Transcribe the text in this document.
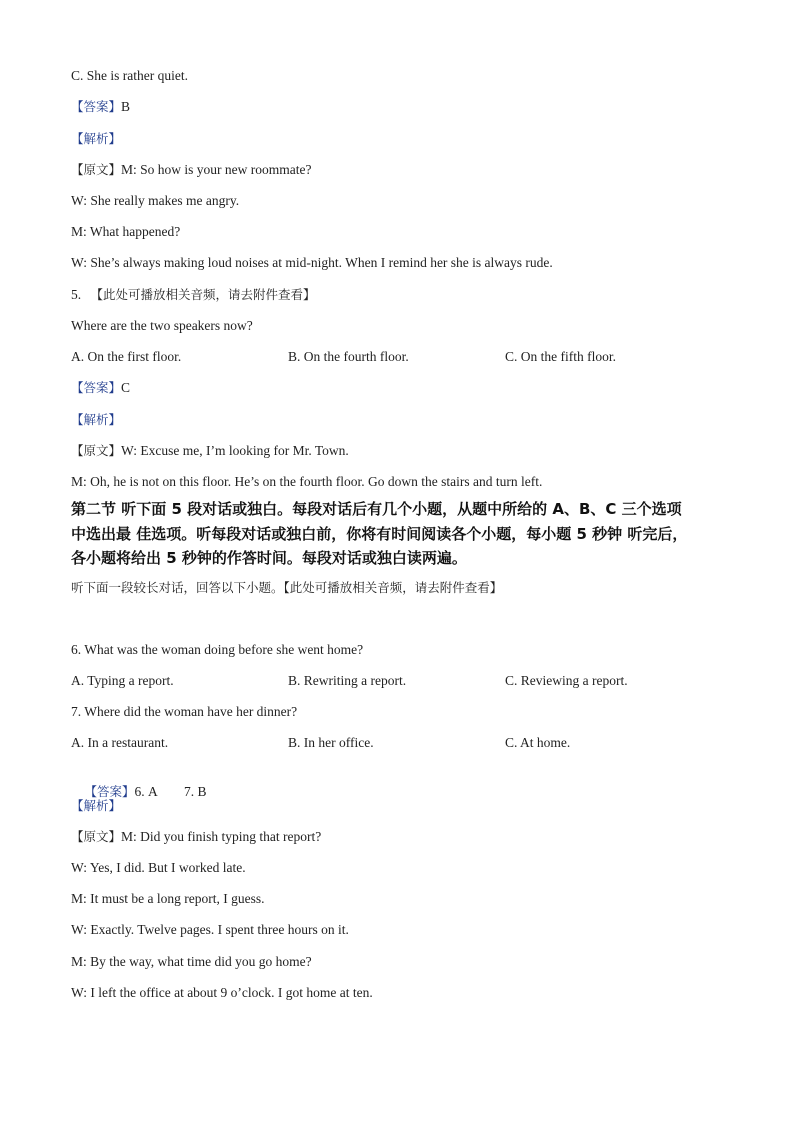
C. She is rather quiet.
【答案】B
【解析】
【原文】M: So how is your new roommate?
W: She really makes me angry.
M: What happened?
W: She’s always making loud noises at mid-night. When I remind her she is always rude.
5. 【此处可播放相关音频，请去附件查看】
Where are the two speakers now?
A. On the first floor.	B. On the fourth floor.	C. On the fifth floor.
【答案】C
【解析】
【原文】W: Excuse me, I’m looking for Mr. Town.
M: Oh, he is not on this floor. He’s on the fourth floor. Go down the stairs and turn left.
第二节 听下面 5 段对话或独白。每段对话后有几个小题，从题中所给的 A、B、C 三个选项
中选出最 佳选项。听每段对话或独白前，你将有时间阅读各个小题，每小题 5 秒钟 听完后，
各小题将给出 5 秒钟的作答时间。每段对话或独白读两遍。
听下面一段较长对话，回答以下小题。【此处可播放相关音频，请去附件查看】
6. What was the woman doing before she went home?
A. Typing a report.	B. Rewriting a report.	C. Reviewing a report.
7. Where did the woman have her dinner?
A. In a restaurant.	B. In her office.	C. At home.

【答案】6. A        7. B

【解析】
【原文】M: Did you finish typing that report?
W: Yes, I did. But I worked late.
M: It must be a long report, I guess.
W: Exactly. Twelve pages. I spent three hours on it.
M: By the way, what time did you go home?
W: I left the office at about 9 o’clock. I got home at ten.
